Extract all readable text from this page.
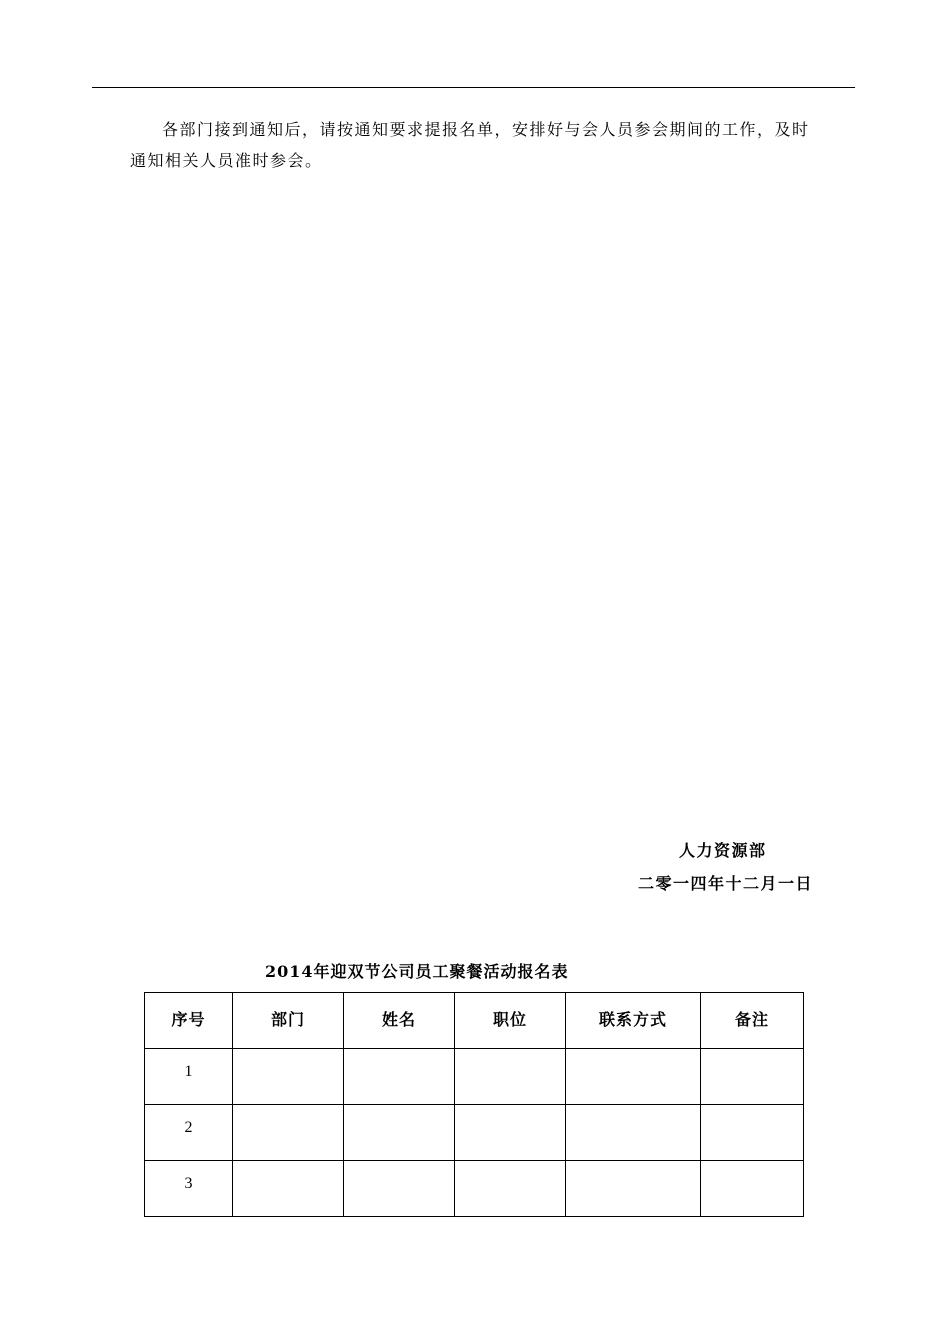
各部门接到通知后，请按通知要求提报名单，安排好与会人员参会期间的工作，及时
通知相关人员准时参会。
人力资源部
二零一四年十二月一日
2014年迎双节公司员工聚餐活动报名表
序号	部门	姓名	职位	联系方式	备注
1					
2					
3					
